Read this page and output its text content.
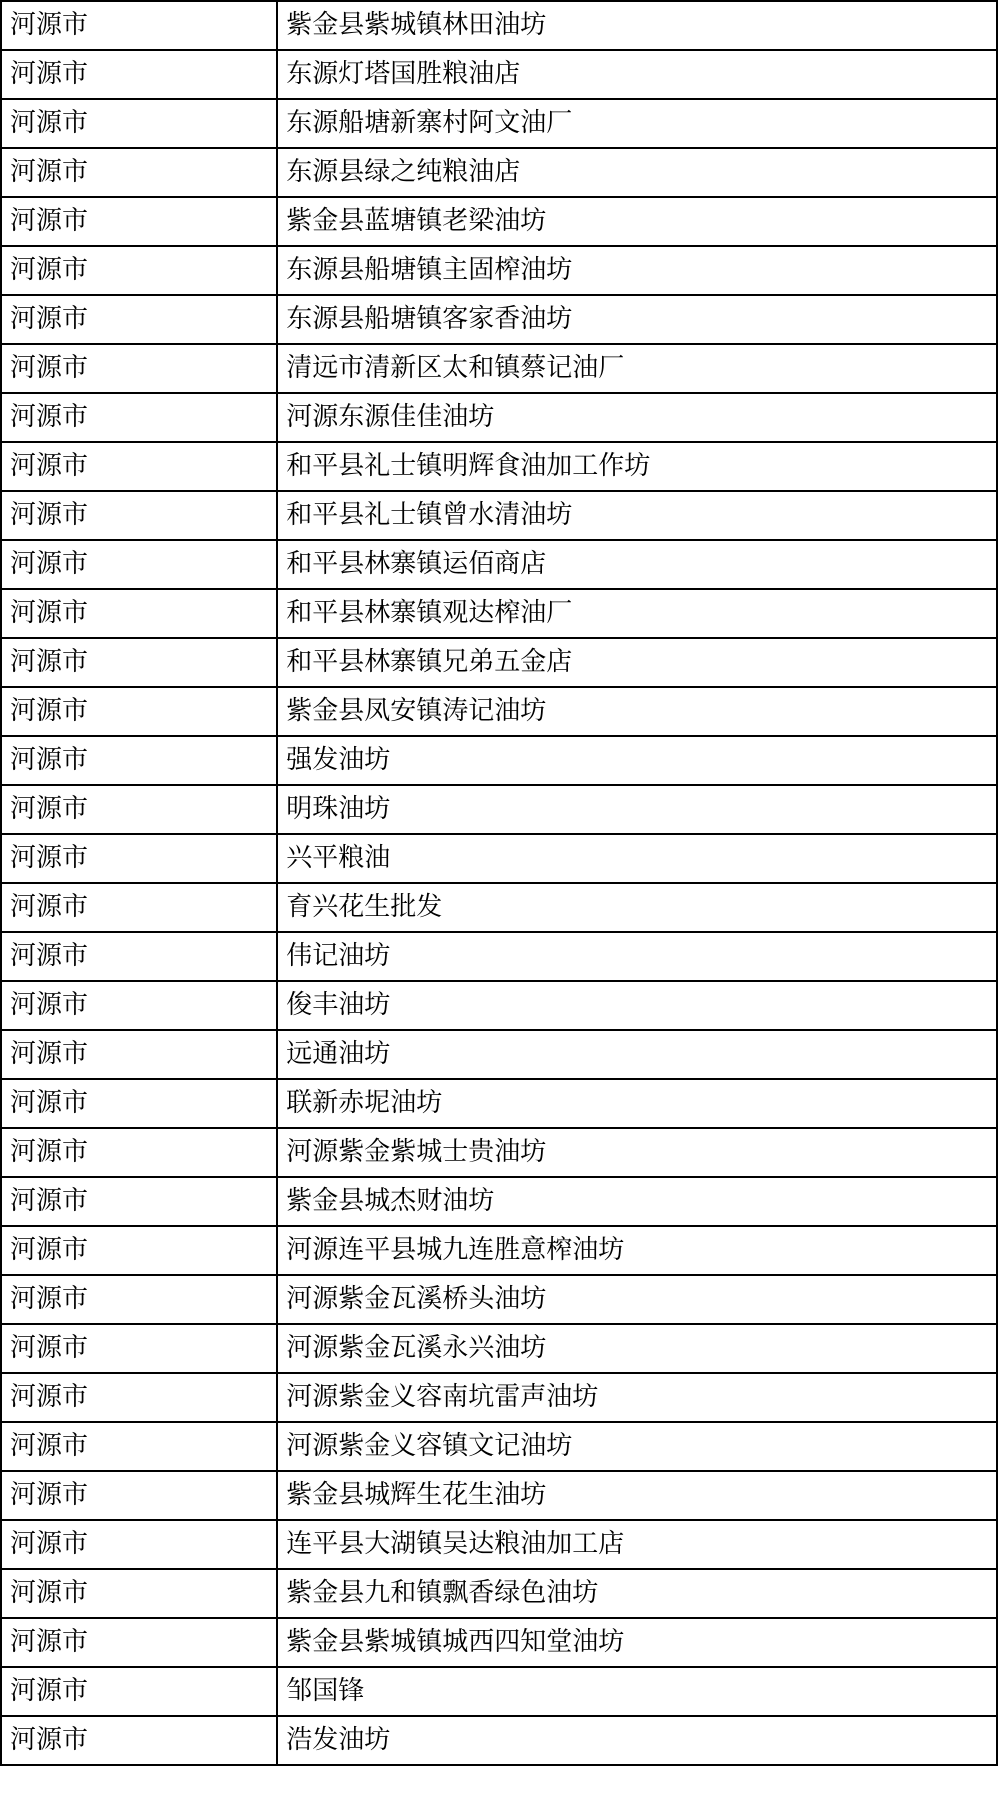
河源市	紫金县紫城镇林田油坊
河源市	东源灯塔国胜粮油店
河源市	东源船塘新寨村阿文油厂
河源市	东源县绿之纯粮油店
河源市	紫金县蓝塘镇老梁油坊
河源市	东源县船塘镇主固榨油坊
河源市	东源县船塘镇客家香油坊
河源市	清远市清新区太和镇蔡记油厂
河源市	河源东源佳佳油坊
河源市	和平县礼士镇明辉食油加工作坊
河源市	和平县礼士镇曾水清油坊
河源市	和平县林寨镇运佰商店
河源市	和平县林寨镇观达榨油厂
河源市	和平县林寨镇兄弟五金店
河源市	紫金县凤安镇涛记油坊
河源市	强发油坊
河源市	明珠油坊
河源市	兴平粮油
河源市	育兴花生批发
河源市	伟记油坊
河源市	俊丰油坊
河源市	远通油坊
河源市	联新赤坭油坊
河源市	河源紫金紫城士贵油坊
河源市	紫金县城杰财油坊
河源市	河源连平县城九连胜意榨油坊
河源市	河源紫金瓦溪桥头油坊
河源市	河源紫金瓦溪永兴油坊
河源市	河源紫金义容南坑雷声油坊
河源市	河源紫金义容镇文记油坊
河源市	紫金县城辉生花生油坊
河源市	连平县大湖镇吴达粮油加工店
河源市	紫金县九和镇飘香绿色油坊
河源市	紫金县紫城镇城西四知堂油坊
河源市	邹国锋
河源市	浩发油坊
